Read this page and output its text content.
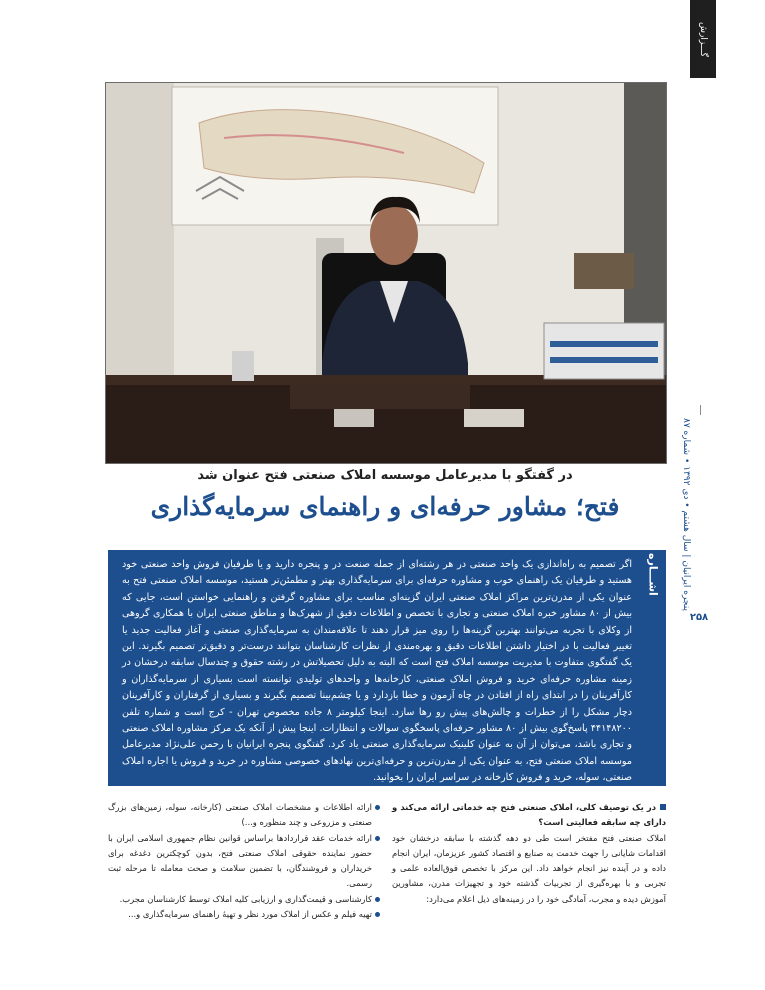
گـــزارش
پنجره ایرانیان | سال هشتم • دی ۱۳۹۲ • شماره ۸۷
۲۵۸
در گفتگو با مدیرعامل موسسه املاک صنعتی فتح عنوان شد
فتح؛ مشاور حرفه‌ای و راهنمای سرمایه‌گذاری
اشـــاره

اگر تصمیم به راه‌اندازی یک واحد صنعتی در هر رشته‌ای از جمله صنعت در و پنجره دارید و یا طرفیان فروش واحد صنعتی خود هستید و طرفیان یک راهنمای خوب و مشاوره حرفه‌ای برای سرمایه‌گذاری بهتر و مطمئن‌تر هستید، موسسه املاک صنعتی فتح به عنوان یکی از مدرن‌ترین مراکز املاک صنعتی ایران گزینه‌ای مناسب برای مشاوره گرفتن و راهنمایی خواستن است، جایی که بیش از ۸۰ مشاور خبره املاک صنعتی و تجاری با تخصص و اطلاعات دقیق از شهرک‌ها و مناطق صنعتی ایران با همکاری گروهی از وکلای با تجربه می‌توانند بهترین گزینه‌ها را روی میز قرار دهند تا علاقه‌مندان به سرمایه‌گذاری صنعتی و آغاز فعالیت جدید یا تغییر فعالیت با در اختیار داشتن اطلاعات دقیق و بهره‌مندی از نظرات کارشناسان بتوانند درست‌تر و دقیق‌تر تصمیم بگیرند. این یک گفتگوی متفاوت با مدیریت موسسه املاک فتح است که البته به دلیل تحصیلاتش در رشته حقوق و چندسال سابقه درخشان در زمینه مشاوره حرفه‌ای خرید و فروش املاک صنعتی، کارخانه‌ها و واحدهای تولیدی توانسته است بسیاری از سرمایه‌گذاران و کارآفرینان را در ابتدای راه از افتادن در چاه آزمون و خطا بازدارد و یا چشم‌بینا تصمیم بگیرند و بسیاری از گرفتاران و کارآفرینان دچار مشکل را از خطرات و چالش‌های پیش رو رها سازد. اینجا کیلومتر ۸ جاده مخصوص تهران - کرج است و شماره تلفن ۴۴۱۴۸۲۰۰ پاسخ‌گوی بیش از ۸۰ مشاور حرفه‌ای پاسخگوی سوالات و انتظارات. اینجا پیش از آنکه یک مرکز مشاوره املاک صنعتی و تجاری باشد، می‌توان از آن به عنوان کلینیک سرمایه‌گذاری صنعتی یاد کرد. گفتگوی پنجره ایرانیان با رحمن علی‌نژاد مدیرعامل موسسه املاک صنعتی فتح، به عنوان یکی از مدرن‌ترین و حرفه‌ای‌ترین نهادهای خصوصی مشاوره در خرید و فروش یا اجاره املاک صنعتی، سوله، خرید و فروش کارخانه در سراسر ایران را بخوانید.

در یک توصیف کلی، املاک صنعتی فتح چه خدماتی ارائه می‌کند و دارای چه سابقه فعالیتی است؟

املاک صنعتی فتح مفتخر است طی دو دهه گذشته با سابقه درخشان خود اقدامات شایانی را جهت خدمت به صنایع و اقتصاد کشور عزیزمان، ایران انجام داده و در آینده نیز انجام خواهد داد. این مرکز با تخصص فوق‌العاده علمی و تجربی و با بهره‌گیری از تجربیات گذشته خود و تجهیزات مدرن، مشاورین آموزش دیده و مجرب، آمادگی خود را در زمینه‌های ذیل اعلام می‌دارد:

ارائه اطلاعات و مشخصات املاک صنعتی (کارخانه، سوله، زمین‌های بزرگ صنعتی و مزروعی و چند منظوره و...)
ارائه خدمات عقد قراردادها براساس قوانین نظام جمهوری اسلامی ایران با حضور نماینده حقوقی املاک صنعتی فتح، بدون کوچکترین دغدغه برای خریداران و فروشندگان، با تضمین سلامت و صحت معامله تا مرحله ثبت رسمی.
کارشناسی و قیمت‌گذاری و ارزیابی کلیه املاک توسط کارشناسان مجرب.
تهیه فیلم و عکس از املاک مورد نظر و تهیهٔ راهنمای سرمایه‌گذاری و...
